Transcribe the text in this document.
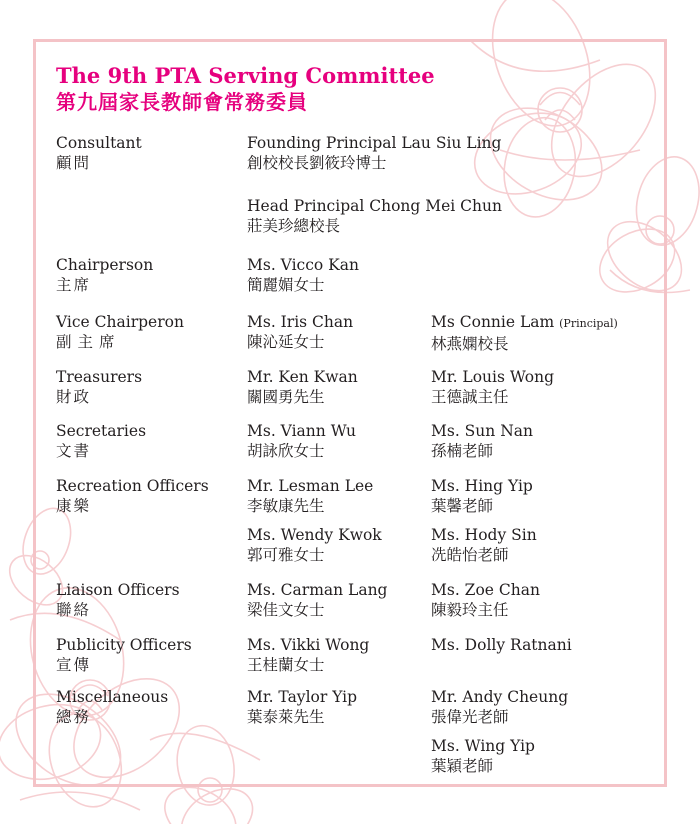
The 9th PTA Serving Committee
第九屆家長教師會常務委員
Consultant
顧問
Founding Principal Lau Siu Ling
創校校長劉筱玲博士
Head Principal Chong Mei Chun
莊美珍總校長
Chairperson
主席
Ms. Vicco Kan
簡麗媚女士
Vice Chairperon
副主席
Ms. Iris Chan
陳沁延女士
Ms Connie Lam (Principal)
林燕嫻校長
Treasurers
財政
Mr. Ken Kwan
關國勇先生
Mr. Louis Wong
王德誠主任
Secretaries
文書
Ms. Viann Wu
胡詠欣女士
Ms. Sun Nan
孫楠老師
Recreation Officers
康樂
Mr. Lesman Lee
李敏康先生
Ms. Hing Yip
葉馨老師
Ms. Wendy Kwok
郭可雅女士
Ms. Hody Sin
冼皓怡老師
Liaison Officers
聯絡
Ms. Carman Lang
梁佳文女士
Ms. Zoe Chan
陳毅玲主任
Publicity Officers
宣傳
Ms. Vikki Wong
王桂蘭女士
Ms. Dolly Ratnani
Miscellaneous
總務
Mr. Taylor Yip
葉泰萊先生
Mr. Andy Cheung
張偉光老師
Ms. Wing Yip
葉穎老師
